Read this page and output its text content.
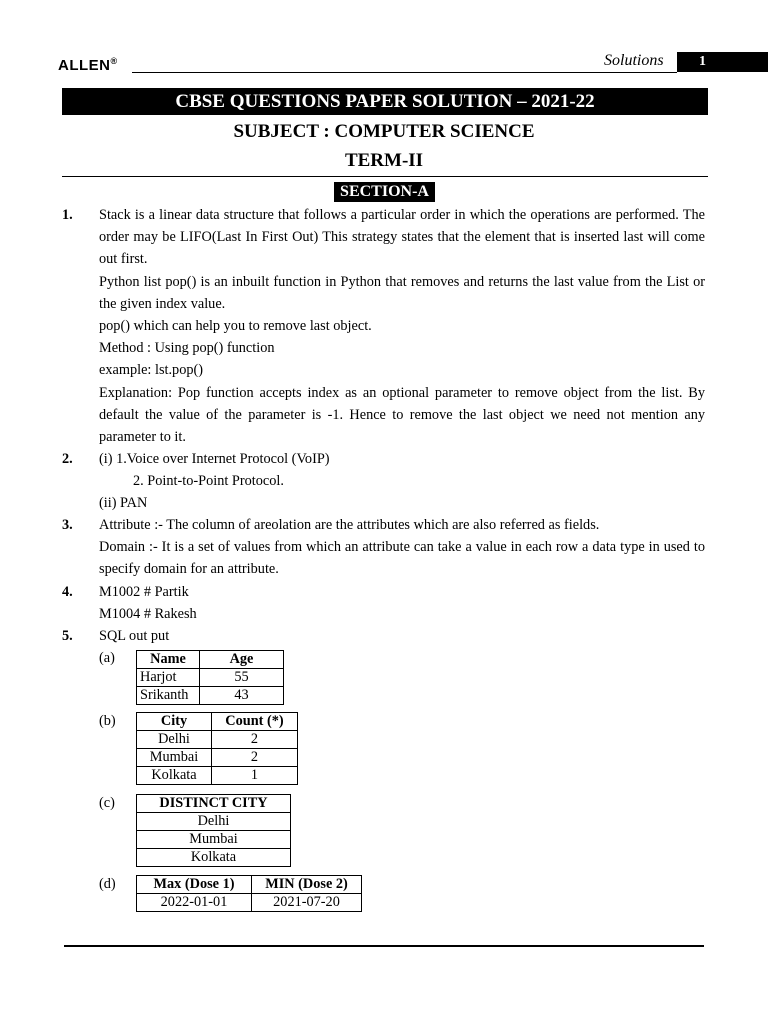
ALLEN®	Solutions	1
CBSE QUESTIONS PAPER SOLUTION – 2021-22
SUBJECT : COMPUTER SCIENCE
TERM-II
SECTION-A
1.	Stack is a linear data structure that follows a particular order in which the operations are performed. The order may be LIFO(Last In First Out) This strategy states that the element that is inserted last will come out first.

Python list pop() is an inbuilt function in Python that removes and returns the last value from the List or the given index value.

pop() which can help you to remove last object.

Method : Using pop() function

example: lst.pop()

Explanation: Pop function accepts index as an optional parameter to remove object from the list. By default the value of the parameter is -1. Hence to remove the last object we need not mention any parameter to it.

2.	(i) 1.Voice over Internet Protocol (VoIP)

2. Point-to-Point Protocol.

(ii) PAN

3.	Attribute :- The column of areolation are the attributes which are also referred as fields.

Domain :- It is a set of values from which an attribute can take a value in each row a data type in used to specify domain for an attribute.

4.	M1002 # Partik

M1004 # Rakesh

5.	SQL out put

(a) Name	Age
Harjot	55
Srikanth	43
(b)	City	Count (*)
Delhi	2
Mumbai	2
Kolkata	1
(c)	DISTINCT CITY
Delhi
Mumbai
Kolkata
(d)	Max (Dose 1)	MIN (Dose 2)
2022-01-01	2021-07-20
